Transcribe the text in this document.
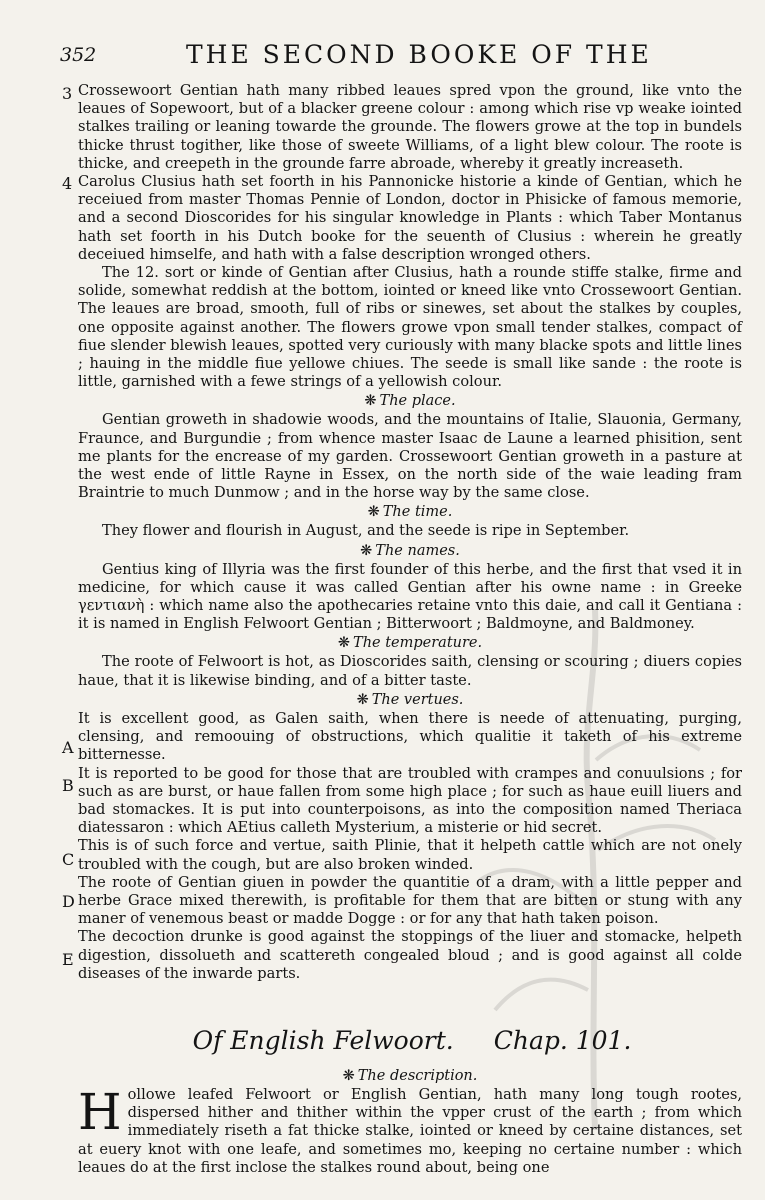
352	THE SECOND BOOKE OF THE
3
4

Crossewoort Gentian hath many ribbed leaues spred vpon the ground, like vnto the leaues of Sopewoort, but of a blacker greene colour : among which rise vp weake iointed stalkes trailing or leaning towarde the grounde. The flowers growe at the top in bundels thicke thrust togither, like those of sweete Williams, of a light blew colour. The roote is thicke, and creepeth in the grounde farre abroade, whereby it greatly increaseth.

Carolus Clusius hath set foorth in his Pannonicke historie a kinde of Gentian, which he receiued from master Thomas Pennie of London, doctor in Phisicke of famous memorie, and a second Dioscorides for his singular knowledge in Plants : which Taber Montanus hath set foorth in his Dutch booke for the seuenth of Clusius : wherein he greatly deceiued himselfe, and hath with a false description wronged others.

The 12. sort or kinde of Gentian after Clusius, hath a rounde stiffe stalke, firme and solide, somewhat reddish at the bottom, iointed or kneed like vnto Crossewoort Gentian. The leaues are broad, smooth, full of ribs or sinewes, set about the stalkes by couples, one opposite against another. The flowers growe vpon small tender stalkes, compact of fiue slender blewish leaues, spotted very curiously with many blacke spots and little lines ; hauing in the middle fiue yellowe chiues. The seede is small like sande : the roote is little, garnished with a fewe strings of a yellowish colour.

❋ The place.

Gentian groweth in shadowie woods, and the mountains of Italie, Slauonia, Germany, Fraunce, and Burgundie ; from whence master Isaac de Laune a learned phisition, sent me plants for the encrease of my garden. Crossewoort Gentian groweth in a pasture at the west ende of little Rayne in Essex, on the north side of the waie leading fram Braintrie to much Dunmow ; and in the horse way by the same close.

❋ The time.

They flower and flourish in August, and the seede is ripe in September.

❋ The names.

Gentius king of Illyria was the first founder of this herbe, and the first that vsed it in medicine, for which cause it was called Gentian after his owne name : in Greeke γεντιανὴ : which name also the apothecaries retaine vnto this daie, and call it Gentiana : it is named in English Felwoort Gentian ; Bitterwoort ; Baldmoyne, and Baldmoney.

❋ The temperature.

The roote of Felwoort is hot, as Dioscorides saith, clensing or scouring ; diuers copies haue, that it is likewise binding, and of a bitter taste.

❋ The vertues.

It is excellent good, as Galen saith, when there is neede of attenuating, purging, clensing, and remoouing of obstructions, which qualitie it taketh of his extreme bitternesse.

It is reported to be good for those that are troubled with crampes and conuulsions ; for such as are burst, or haue fallen from some high place ; for such as haue euill liuers and bad stomackes. It is put into counterpoisons, as into the composition named Theriaca diatessaron : which AEtius calleth Mysterium, a misterie or hid secret.

This is of such force and vertue, saith Plinie, that it helpeth cattle which are not onely troubled with the cough, but are also broken winded.

The roote of Gentian giuen in powder the quantitie of a dram, with a little pepper and herbe Grace mixed therewith, is profitable for them that are bitten or stung with any maner of venemous beast or madde Dogge : or for any that hath taken poison.

The decoction drunke is good against the stoppings of the liuer and stomacke, helpeth digestion, dissolueth and scattereth congealed bloud ; and is good against all colde diseases of the inwarde parts.

A
B
C
D
E
Of English Felwoort. Chap. 101.
❋ The description.

Hollowe leafed Felwoort or English Gentian, hath many long tough rootes, dispersed hither and thither within the vpper crust of the earth ; from which immediately riseth a fat thicke stalke, iointed or kneed by certaine distances, set at euery knot with one leafe, and sometimes mo, keeping no certaine number : which leaues do at the first inclose the stalkes round about, being one
